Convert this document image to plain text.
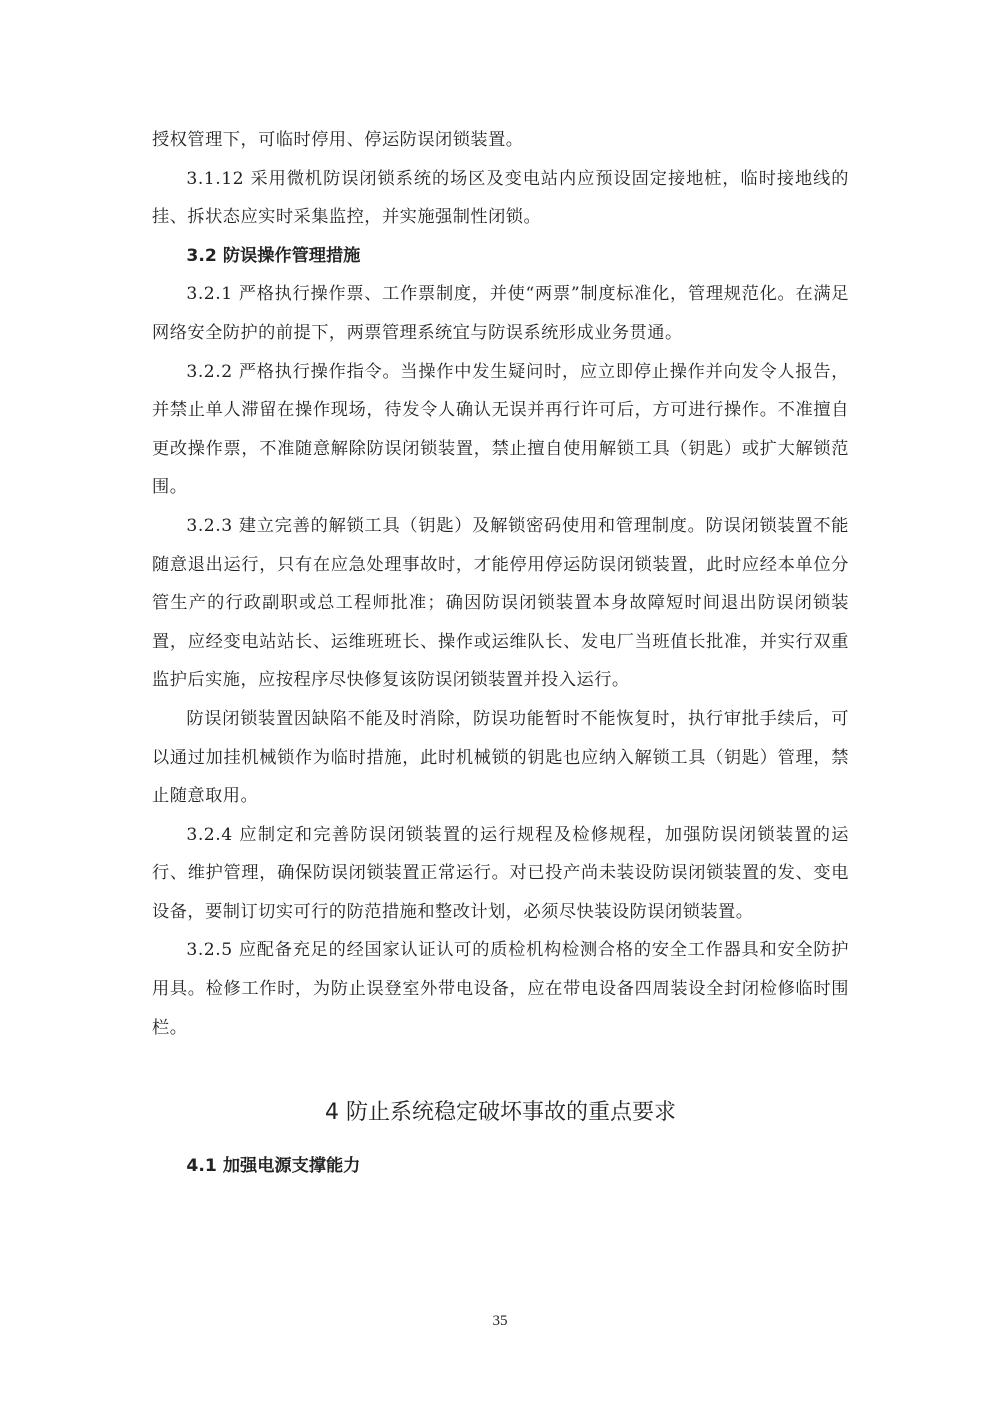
授权管理下，可临时停用、停运防误闭锁装置。

3.1.12 采用微机防误闭锁系统的场区及变电站内应预设固定接地桩，临时接地线的挂、拆状态应实时采集监控，并实施强制性闭锁。

3.2 防误操作管理措施

3.2.1 严格执行操作票、工作票制度，并使“两票”制度标准化，管理规范化。在满足网络安全防护的前提下，两票管理系统宜与防误系统形成业务贯通。

3.2.2 严格执行操作指令。当操作中发生疑问时，应立即停止操作并向发令人报告，并禁止单人滞留在操作现场，待发令人确认无误并再行许可后，方可进行操作。不准擅自更改操作票，不准随意解除防误闭锁装置，禁止擅自使用解锁工具（钥匙）或扩大解锁范围。

3.2.3 建立完善的解锁工具（钥匙）及解锁密码使用和管理制度。防误闭锁装置不能随意退出运行，只有在应急处理事故时，才能停用停运防误闭锁装置，此时应经本单位分管生产的行政副职或总工程师批准；确因防误闭锁装置本身故障短时间退出防误闭锁装置，应经变电站站长、运维班班长、操作或运维队长、发电厂当班值长批准，并实行双重监护后实施，应按程序尽快修复该防误闭锁装置并投入运行。

防误闭锁装置因缺陷不能及时消除，防误功能暂时不能恢复时，执行审批手续后，可以通过加挂机械锁作为临时措施，此时机械锁的钥匙也应纳入解锁工具（钥匙）管理，禁止随意取用。

3.2.4 应制定和完善防误闭锁装置的运行规程及检修规程，加强防误闭锁装置的运行、维护管理，确保防误闭锁装置正常运行。对已投产尚未装设防误闭锁装置的发、变电设备，要制订切实可行的防范措施和整改计划，必须尽快装设防误闭锁装置。

3.2.5 应配备充足的经国家认证认可的质检机构检测合格的安全工作器具和安全防护用具。检修工作时，为防止误登室外带电设备，应在带电设备四周装设全封闭检修临时围栏。

4 防止系统稳定破坏事故的重点要求

4.1 加强电源支撑能力

35
